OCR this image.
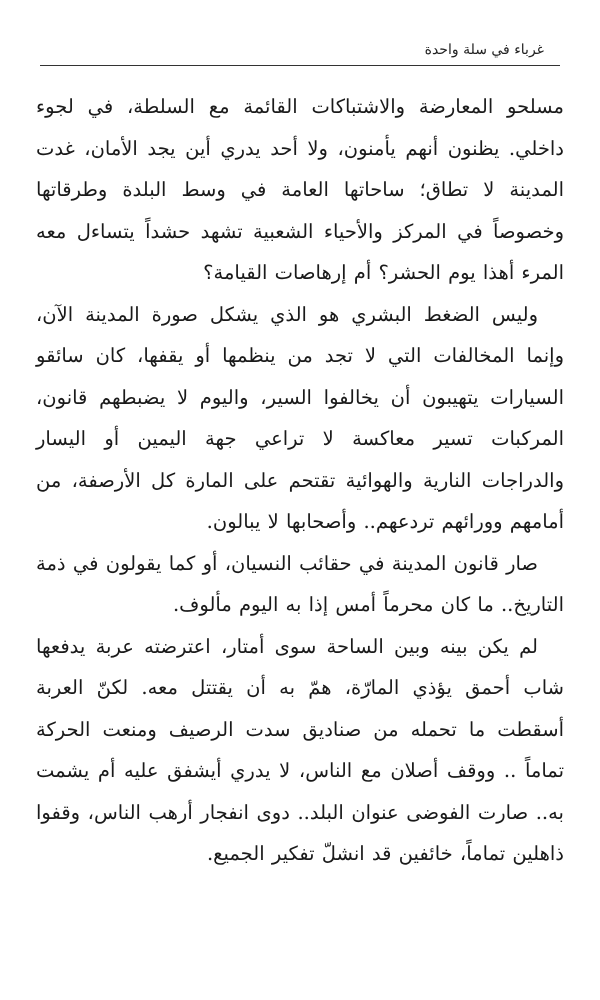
غرباء في سلة واحدة

مسلحو المعارضة والاشتباكات القائمة مع السلطة، في لجوء داخلي. يظنون أنهم يأمنون، ولا أحد يدري أين يجد الأمان، غدت المدينة لا تطاق؛ ساحاتها العامة في وسط البلدة وطرقاتها وخصوصاً في المركز والأحياء الشعبية تشهد حشداً يتساءل معه المرء أهذا يوم الحشر؟ أم إرهاصات القيامة؟

وليس الضغط البشري هو الذي يشكل صورة المدينة الآن، وإنما المخالفات التي لا تجد من ينظمها أو يقفها، كان سائقو السيارات يتهيبون أن يخالفوا السير، واليوم لا يضبطهم قانون، المركبات تسير معاكسة لا تراعي جهة اليمين أو اليسار والدراجات النارية والهوائية تقتحم على المارة كل الأرصفة، من أمامهم وورائهم تردعهم.. وأصحابها لا يبالون.

صار قانون المدينة في حقائب النسيان، أو كما يقولون في ذمة التاريخ.. ما كان محرماً أمس إذا به اليوم مألوف.

لم يكن بينه وبين الساحة سوى أمتار، اعترضته عربة يدفعها شاب أحمق يؤذي المارّة، همّ به أن يقتتل معه. لكنّ العربة أسقطت ما تحمله من صناديق سدت الرصيف ومنعت الحركة تماماً .. ووقف أصلان مع الناس، لا يدري أيشفق عليه أم يشمت به.. صارت الفوضى عنوان البلد.. دوى انفجار أرهب الناس، وقفوا ذاهلين تماماً، خائفين قد انشلّ تفكير الجميع.
